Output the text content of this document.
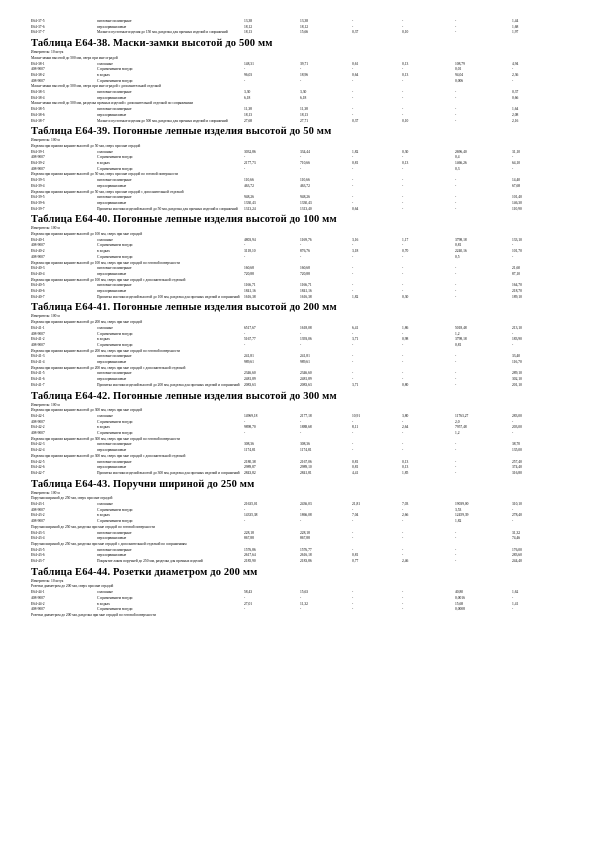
Е64-37-5	пихтовые полимерные	13,38	13,38	-	-	-	1,44
Е64-37-6	перхлорвиниловые	18,12	18,12	-	-	-	1,68
Е64-37-7	Малые и пустотные изделия до 150 мм, разделка для прочных изделий и сопряжений	18,13	15,66	0,37	0,10	-	1,97
Таблица Е64-38. Маски-замки высотой до 500 мм
Измеритель: 10 штук
Маски-замки высотой до 500 мм, сверх при мне оградой
Е64-38-1	сплошные	148,31	39,71	0,61	0,13	108,79	4,94
408-9007	С применением вспуди	-	-	-	-	0,01	-
Е64-38-2	в ходках	96,03	18,96	0,64	0,13	94,04	2,36
408-9007	С применением вспуди	-	-	-	-	0,006	-
Маски-замки высотой до 500 мм, сверх при мне оградой с дополнительной отделкой
Е64-38-3	пихтовые полимерные	3,30	3,30	-	-	-	0,37
Е64-38-4	перхлорвиниловые	6,18	6,18	-	-	-	0,66
Маски-замки высотой до 500 мм, разделка прочных изделий с дополнительной отделкой по сопряжениям
Е64-38-5	пихтовые полимерные	11,38	11,38	-	-	-	1,64
Е64-38-6	перхлорвиниловые	18,13	18,13	-	-	-	2,08
Е64-38-7	Малые и пустотные изделия до 500 мм, разделка для прочных изделий и сопряжений	27,68	27,71	0,37	0,10	-	2,16
Таблица Е64-39. Погонные лепные изделия высотой до 50 мм
Измеритель: 100 м
Изделия при прямом карнизе высотой до 50 мм, сверх при мне оградой
Е64-39-1	сплошные	3032,86	334,44	1,82	0,30	2696,40	31,10
408-9007	С применением вспуди	-	-	-	-	0,4	-
Е64-39-2	в ходках	2177,73	710,66	0,81	0,13	1466,26	64,10
408-9007	С применением вспуди	-	-	-	-	0,3	-
Изделия при прямом карнизе высотой до 50 мм, сверх при мне оградой по готовой поверхности
Е64-39-3	пихтовые полимерные	110,66	110,66	-	-	-	14,40
Е64-39-4	перхлорвиниловые	463,72	463,72	-	-	-	67,68
Изделия при прямом карнизе высотой до 50 мм, сверх при мне оградой с дополнительной отделкой
Е64-39-5	пихтовые полимерные	948,26	948,26	-	-	-	101,40
Е64-39-6	перхлорвиниловые	1330,43	1330,43	-	-	-	146,30
Е64-39-7	Пропитка мастики изделий высотой до 50 мм, разделка для прочных изделий и сопряжений 1313,24	1313,40	0,64	-	-	110,90
Таблица Е64-40. Погонные лепные изделия высотой до 100 мм
Измеритель: 100 м
Изделия при прямом карнизе высотой до 100 мм, сверх при мне оградой
Е64-40-1	сплошные	4803,94	1169,76	3,16	1,17	3798,18	133,10
408-9007	С применением вспуди	-	-	-	-	0,81	-
Е64-40-2	в ходках	3118,10	876,76	3,18	0,70	2240,16	101,70
408-9007	С применением вспуди	-	-	-	-	0,5	-
Изделия при прямом карнизе высотой до 100 мм, сверх при мне оградой по готовой поверхности
Е64-40-3	пихтовые полимерные	160,68	160,68	-	-	-	21,60
Е64-40-4	перхлорвиниловые	720,88	720,88	-	-	-	87,10
Изделия при прямом карнизе высотой до 100 мм, сверх при мне оградой с дополнительной отделкой
Е64-40-5	пихтовые полимерные	1166,71	1166,71	-	-	-	164,70
Е64-40-6	перхлорвиниловые	1841,16	1841,16	-	-	-	218,70
Е64-40-7	Пропитка мастики изделий высотой до 100 мм, разделка для прочных изделий и сопряжений 1616,38	1616,38	1,82	0,30	-	189,10
Таблица Е64-41. Погонные лепные изделия высотой до 200 мм
Измеритель: 100 м
Изделия при прямом карнизе высотой до 200 мм, сверх при мне оградой
Е64-41-1	сплошные	6517,67	1618,08	6,41	1,86	5018,48	213,10
408-9007	С применением вспуди	-	-	-	-	1,2	-
Е64-41-2	в ходках	5167,77	1393,06	3,71	0,98	3798,18	183,90
408-9007	С применением вспуди	-	-	-	-	0,81	-
Изделия при прямом карнизе высотой до 200 мм, сверх при мне оградой по готовой поверхности
Е64-41-3	пихтовые полимерные	241,81	241,81	-	-	-	33,40
Е64-41-4	перхлорвиниловые	989,61	989,61	-	-	-	116,70
Изделия при прямом карнизе высотой до 200 мм, сверх при мне оградой с дополнительной отделкой
Е64-41-5	пихтовые полимерные	2346,60	2346,60	-	-	-	289,10
Е64-41-6	перхлорвиниловые	2481,89	2481,89	-	-	-	302,10
Е64-41-7	Пропитка мастики изделий высотой до 200 мм, разделка для прочных изделий и сопряжений 2083,63	2083,63	3,71	0,80	-	201,10
Таблица Е64-42. Погонные лепные изделия высотой до 300 мм
Измеритель: 100 м
Изделия при прямом карнизе высотой до 300 мм, сверх при мне оградой
Е64-42-1	сплошные	14969,18	2177,18	10,91	3,80	11763,27	283,00
408-9007	С применением вспуди	-	-	-	-	2,0	-
Е64-42-2	в ходках	9898,70	1888,68	8,11	2,64	7957,48	203,00
408-9007	С применением вспуди	-	-	-	-	1,2	-
Изделия при прямом карнизе высотой до 300 мм, сверх при мне оградой по готовой поверхности
Е64-42-3	пихтовые полимерные	308,36	308,36	-	-	-	38,70
Е64-42-4	перхлорвиниловые	1174,81	1174,81	-	-	-	135,00
Изделия при прямом карнизе высотой до 300 мм, сверх при мне оградой с дополнительной отделкой
Е64-42-5	пихтовые полимерные	2180,38	2167,06	0,81	0,13	-	257,40
Е64-42-6	перхлорвиниловые	2989,87	2989,10	0,81	0,13	-	374,40
Е64-42-7	Пропитка мастики изделий высотой до 300 мм, разделка для прочных изделий и сопряжений 2843,82	2841,81	4,41	1,85	-	316,80
Таблица Е64-43. Поручни шириной до 250 мм
Измеритель: 100 м
Поручни шириной до 250 мм, сверх при мне оградой
Е64-43-1	сплошные	21635,01	2436,03	21,81	7,03	19039,00	310,10
408-9007	С применением вспуди	-	-	-	-	3,53	-
Е64-43-2	в ходках	14335,38	1866,08	7,04	2,66	12459,39	278,40
408-9007	С применением вспуди	-	-	-	-	1,82	-
Поручни шириной до 250 мм, разделка при мне оградой по готовой поверхности
Е64-43-3	пихтовые полимерные	228,18	228,18	-	-	-	31,32
Е64-43-4	перхлорвиниловые	867,88	867,88	-	-	-	74,46
Поручни шириной до 250 мм, разделка при мне оградой с дополнительной отделкой по сопряжениям
Е64-43-5	пихтовые полимерные	1576,86	1576,77	-	-	-	176,00
Е64-43-6	перхлорвиниловые	2617,64	2616,18	0,81	-	-	283,60
Е64-43-7	Покрытие лаком поручней до 250 мм, разделка для прочных изделий	2185,90	2183,86	0,77	2,46	-	244,40
Таблица Е64-44. Розетки диаметром до 200 мм
Измеритель: 10 штук
Розетки диаметром до 200 мм, сверх при мне оградой
Е64-44-1	сплошные	58,43	15,63	-	-	40,80	1,62
408-9007	С применением вспуди	-	-	-	-	0,0016	-
Е64-44-2	в ходках	27,01	11,32	-	-	15,68	1,41
408-9007	С применением вспуди	-	-	-	-	0,0008	-
Розетки диаметром до 200 мм, разделка при мне оградой по готовой поверхности
